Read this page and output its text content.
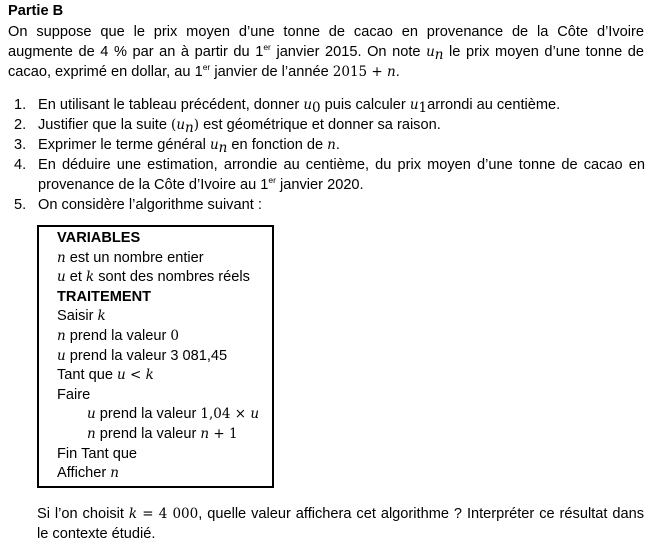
Partie B
On suppose que le prix moyen d’une tonne de cacao en provenance de la Côte d’Ivoire
augmente de 4 % par an à partir du 1er janvier 2015. On note $u_n$ le prix moyen d’une tonne de
cacao, exprimé en dollar, au 1er janvier de l’année 2015 + n.
1. En utilisant le tableau précédent, donner $u_0$ puis calculer $u_1arrondi$ au centième.
2. Justifier que la suite $(u_n)$ est géométrique et donner sa raison.
3. Exprimer le terme général $u_n$ en fonction de n.
4. En déduire une estimation, arrondie au centième, du prix moyen d’une tonne de cacao en
provenance de la Côte d’Ivoire au 1er janvier 2020.
5. On considère l’algorithme suivant :
VARIABLES
n est un nombre entier
u et k sont des nombres réels
TRAITEMENT
Saisir k
n prend la valeur 0
u prend la valeur 3 081,45
Tant que u < k
Faire
u prend la valeur 1,04 × u
n prend la valeur n + 1
Fin Tant que
Afficher n
Si l’on choisit k = 4 000, quelle valeur affichera cet algorithme ? Interpréter ce résultat dans
le contexte étudié.
